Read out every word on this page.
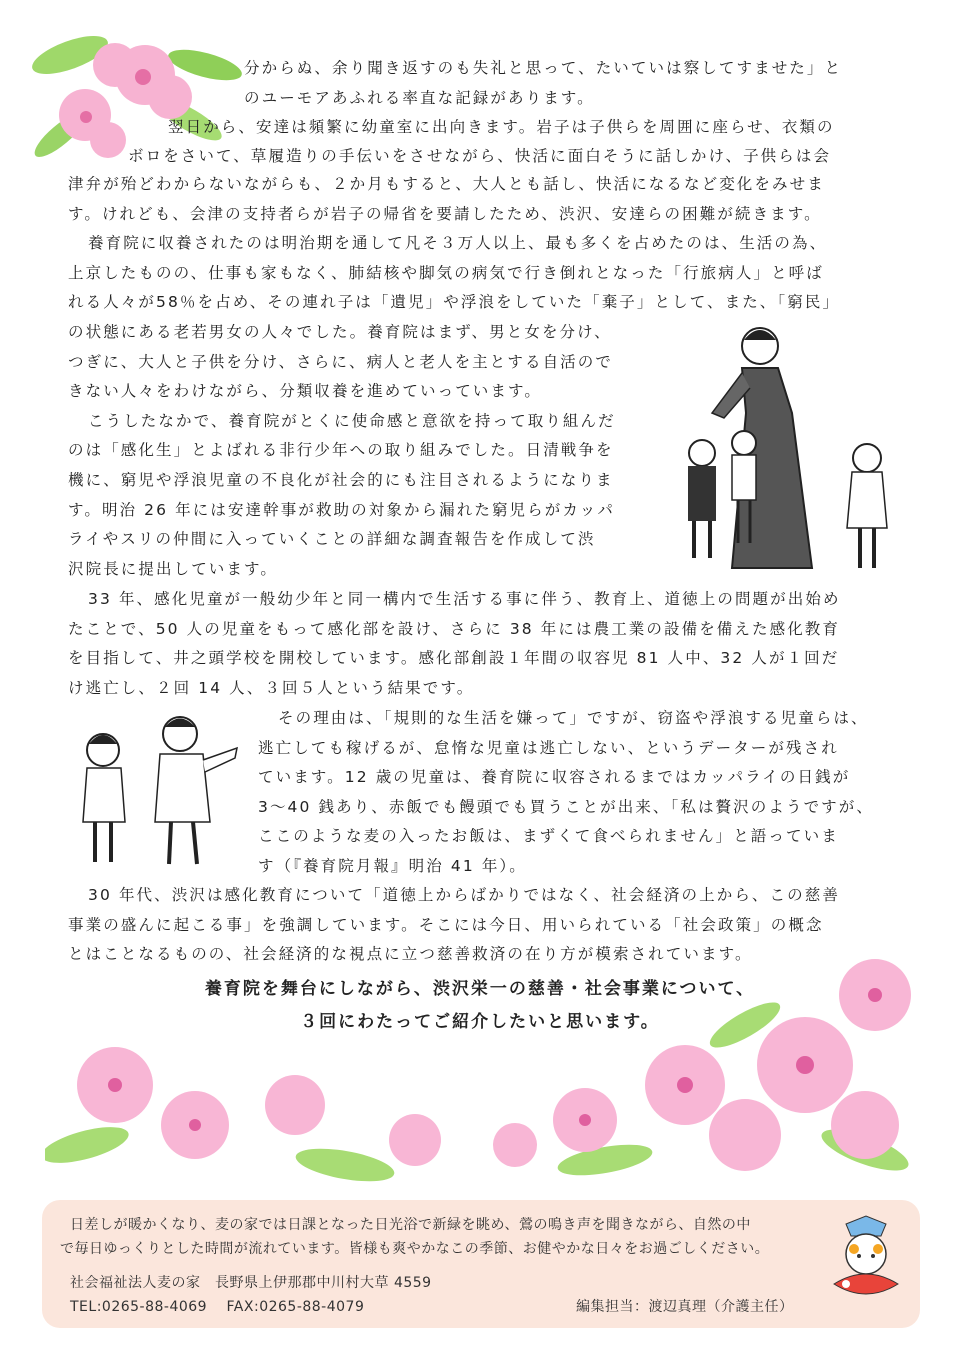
分からぬ、余り聞き返すのも失礼と思って、たいていは察してすませた」と
のユーモアあふれる率直な記録があります。
翌日から、安達は頻繁に幼童室に出向きます。岩子は子供らを周囲に座らせ、衣類の
ボロをさいて、草履造りの手伝いをさせながら、快活に面白そうに話しかけ、子供らは会

津弁が殆どわからないながらも、２か月もすると、大人とも話し、快活になるなど変化をみせま

す。けれども、会津の支持者らが岩子の帰省を要請したため、渋沢、安達らの困難が続きます。

養育院に収養されたのは明治期を通して凡そ３万人以上、最も多くを占めたのは、生活の為、

上京したものの、仕事も家もなく、肺結核や脚気の病気で行き倒れとなった「行旅病人」と呼ば

れる人々が58％を占め、その連れ子は「遺児」や浮浪をしていた「棄子」として、また、「窮民」

の状態にある老若男女の人々でした。養育院はまず、男と女を分け、

つぎに、大人と子供を分け、さらに、病人と老人を主とする自活ので

きない人々をわけながら、分類収養を進めていっています。

こうしたなかで、養育院がとくに使命感と意欲を持って取り組んだ

のは「感化生」とよばれる非行少年への取り組みでした。日清戦争を

機に、窮児や浮浪児童の不良化が社会的にも注目されるようになりま

す。明治 26 年には安達幹事が救助の対象から漏れた窮児らがカッパ

ライやスリの仲間に入っていくことの詳細な調査報告を作成して渋

沢院長に提出しています。

33 年、感化児童が一般幼少年と同一構内で生活する事に伴う、教育上、道徳上の問題が出始め

たことで、50 人の児童をもって感化部を設け、さらに 38 年には農工業の設備を備えた感化教育

を目指して、井之頭学校を開校しています。感化部創設１年間の収容児 81 人中、32 人が１回だ

け逃亡し、２回 14 人、３回５人という結果です。

その理由は、「規則的な生活を嫌って」ですが、窃盗や浮浪する児童らは、

逃亡しても稼げるが、怠惰な児童は逃亡しない、というデーターが残され

ています。12 歳の児童は、養育院に収容されるまではカッパライの日銭が

3～40 銭あり、赤飯でも饅頭でも買うことが出来、「私は贅沢のようですが、

ここのような麦の入ったお飯は、まずくて食べられません」と語っていま

す（『養育院月報』明治 41 年）。

30 年代、渋沢は感化教育について「道徳上からばかりではなく、社会経済の上から、この慈善

事業の盛んに起こる事」を強調しています。そこには今日、用いられている「社会政策」の概念

とはことなるものの、社会経済的な視点に立つ慈善救済の在り方が模索されています。

養育院を舞台にしながら、渋沢栄一の慈善・社会事業について、
３回にわたってご紹介したいと思います。
日差しが暖かくなり、麦の家では日課となった日光浴で新緑を眺め、鶯の鳴き声を聞きながら、自然の中
で毎日ゆっくりとした時間が流れています。皆様も爽やかなこの季節、お健やかな日々をお過ごしください。
社会福祉法人麦の家　長野県上伊那郡中川村大草 4559
TEL:0265-88-4069　 FAX:0265-88-4079	編集担当：渡辺真理（介護主任）
